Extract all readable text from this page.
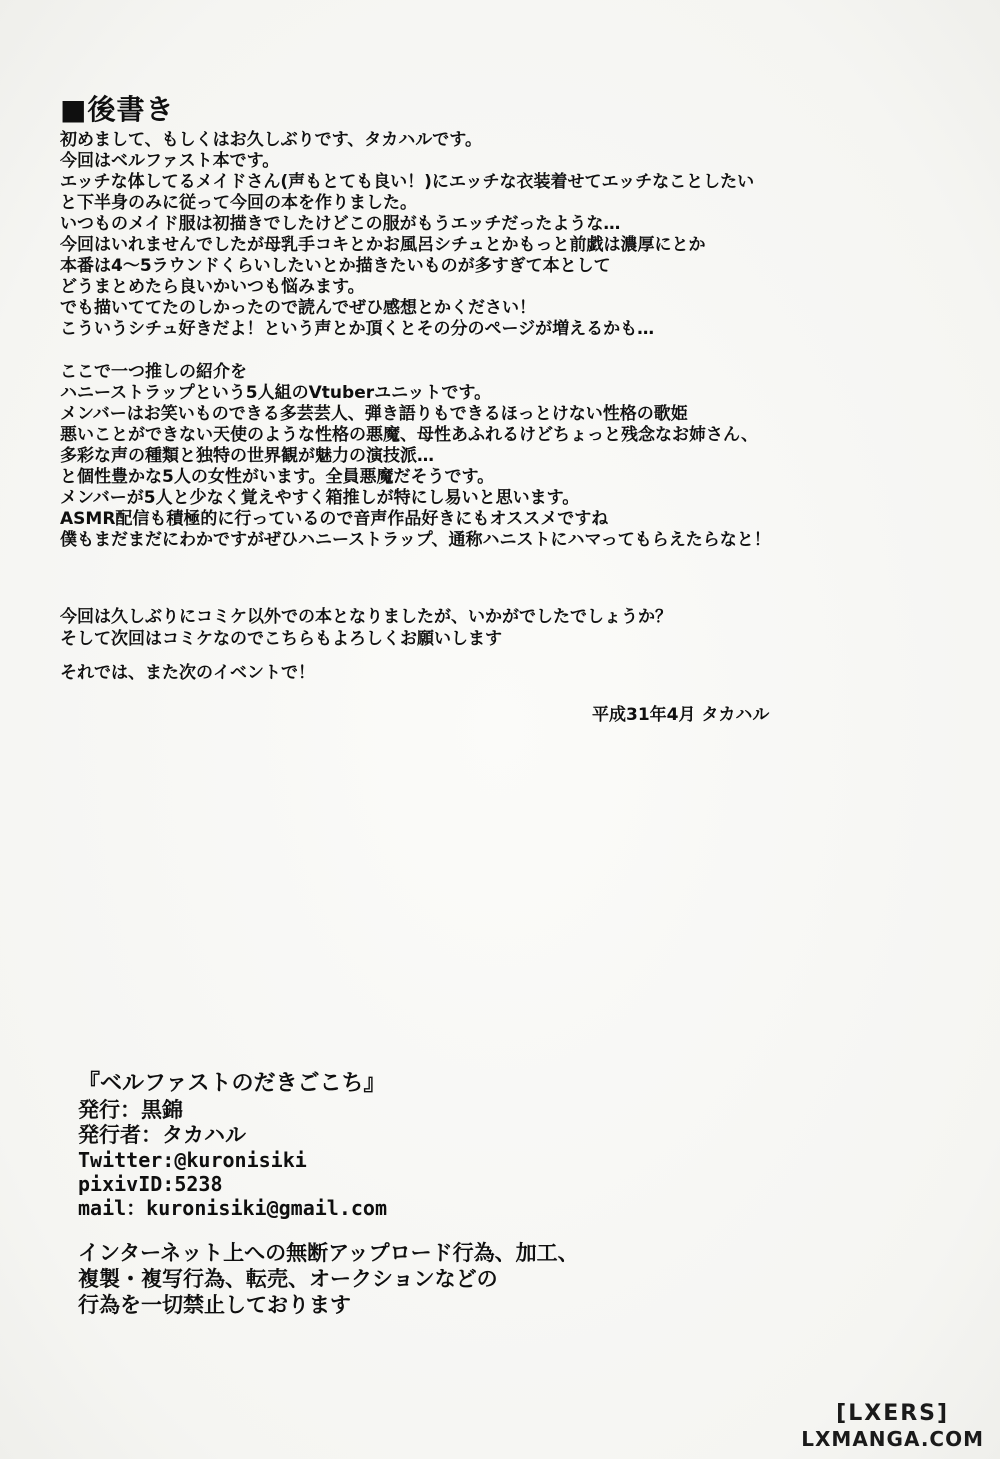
■後書き
初めまして、もしくはお久しぶりです、タカハルです。
今回はベルファスト本です。
エッチな体してるメイドさん(声もとても良い！)にエッチな衣装着せてエッチなことしたい
と下半身のみに従って今回の本を作りました。
いつものメイド服は初描きでしたけどこの服がもうエッチだったような…
今回はいれませんでしたが母乳手コキとかお風呂シチュとかもっと前戯は濃厚にとか
本番は4〜5ラウンドくらいしたいとか描きたいものが多すぎて本として
どうまとめたら良いかいつも悩みます。
でも描いててたのしかったので読んでぜひ感想とかください！
こういうシチュ好きだよ！という声とか頂くとその分のページが増えるかも…
ここで一つ推しの紹介を
ハニーストラップという5人組のVtuberユニットです。
メンバーはお笑いものできる多芸芸人、弾き語りもできるほっとけない性格の歌姫
悪いことができない天使のような性格の悪魔、母性あふれるけどちょっと残念なお姉さん、
多彩な声の種類と独特の世界観が魅力の演技派…
と個性豊かな5人の女性がいます。全員悪魔だそうです。
メンバーが5人と少なく覚えやすく箱推しが特にし易いと思います。
ASMR配信も積極的に行っているので音声作品好きにもオススメですね
僕もまだまだにわかですがぜひハニーストラップ、通称ハニストにハマってもらえたらなと！
今回は久しぶりにコミケ以外での本となりましたが、いかがでしたでしょうか？
そして次回はコミケなのでこちらもよろしくお願いします
それでは、また次のイベントで！
平成31年4月 タカハル
『ベルファストのだきごこち』
発行：黒錦
発行者：タカハル
Twitter:@kuronisiki
pixivID:5238
mail：kuronisiki@gmail.com
インターネット上への無断アップロード行為、加工、
複製・複写行為、転売、オークションなどの
行為を一切禁止しております
[LXERS]
LXMANGA.COM
